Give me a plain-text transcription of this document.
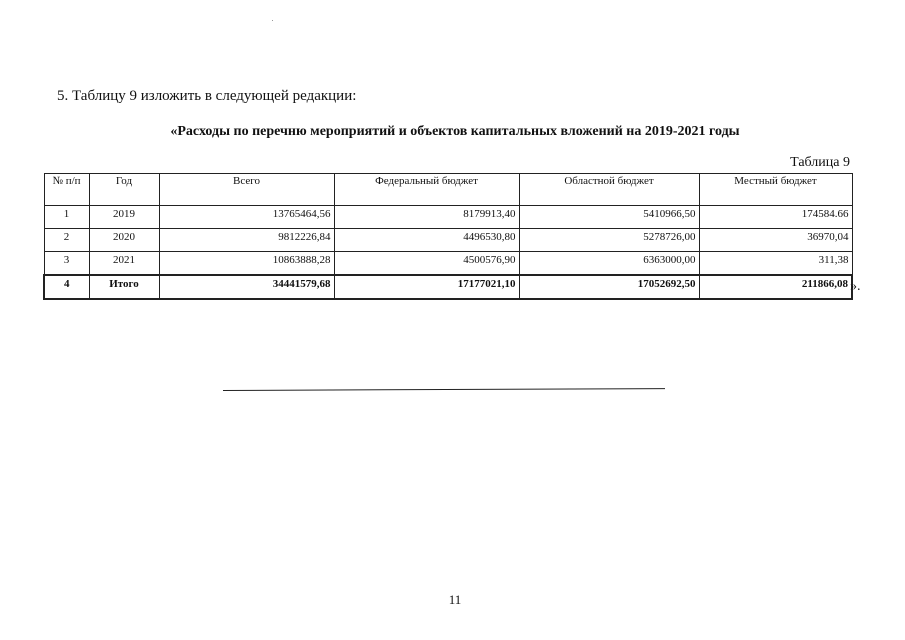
5. Таблицу 9 изложить в следующей редакции:
«Расходы по перечню мероприятий и объектов капитальных вложений на 2019-2021 годы
Таблица 9
№ п/п	Год	Всего	Федеральный бюджет	Областной бюджет	Местный бюджет
1	2019	13765464,56	8179913,40	5410966,50	174584.66
2	2020	9812226,84	4496530,80	5278726,00	36970,04
3	2021	10863888,28	4500576,90	6363000,00	311,38
4	Итого	34441579,68	17177021,10	17052692,50	211866,08 ».
11
